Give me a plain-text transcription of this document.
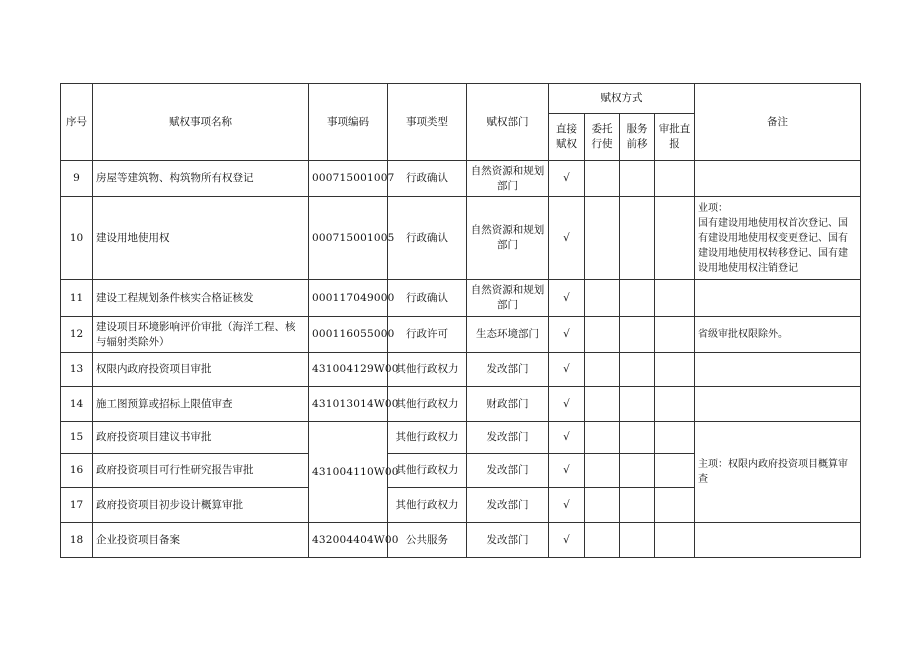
序号	赋权事项名称	事项编码	事项类型	赋权部门	赋权方式				备注
					直接赋权	委托行使	服务前移	审批直报	
9	房屋等建筑物、构筑物所有权登记	000715001007	行政确认	自然资源和规划部门	√				
10	建设用地使用权	000715001005	行政确认	自然资源和规划部门	√				业项：
国有建设用地使用权首次登记、国有建设用地使用权变更登记、国有建设用地使用权转移登记、国有建设用地使用权注销登记
11	建设工程规划条件核实合格证核发	000117049000	行政确认	自然资源和规划部门	√				
12	建设项目环境影响评价审批（海洋工程、核与辐射类除外）	000116055000	行政许可	生态环境部门	√				省级审批权限除外。
13	权限内政府投资项目审批	431004129W00	其他行政权力	发改部门	√				
14	施工图预算或招标上限值审查	431013014W00	其他行政权力	财政部门	√				
15	政府投资项目建议书审批	431004110W00	其他行政权力	发改部门	√				主项：权限内政府投资项目概算审查
16	政府投资项目可行性研究报告审批		其他行政权力	发改部门	√				
17	政府投资项目初步设计概算审批		其他行政权力	发改部门	√				
18	企业投资项目备案	432004404W00	公共服务	发改部门	√				
